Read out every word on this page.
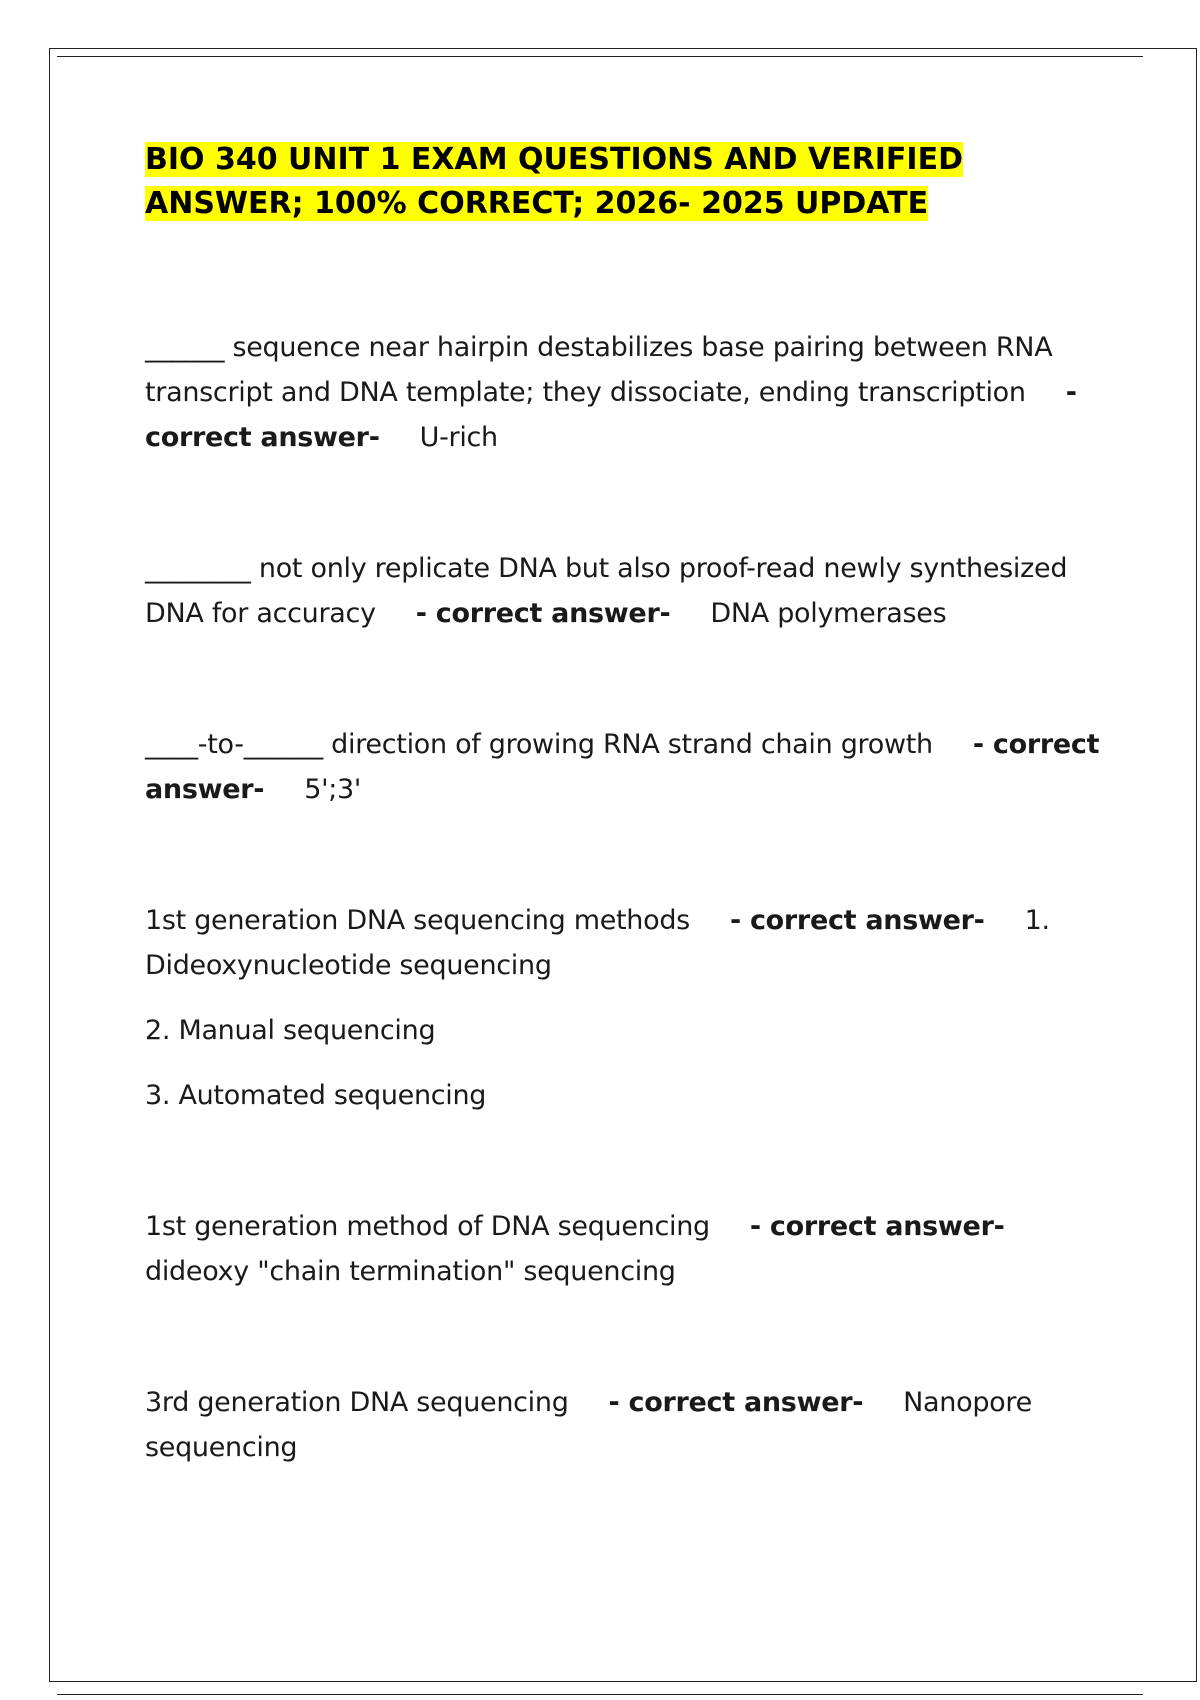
BIO 340 UNIT 1 EXAM QUESTIONS AND VERIFIED ANSWER; 100% CORRECT; 2026- 2025 UPDATE

______ sequence near hairpin destabilizes base pairing between RNA transcript and DNA template; they dissociate, ending transcription - correct answer- U-rich

________ not only replicate DNA but also proof-read newly synthesized DNA for accuracy - correct answer- DNA polymerases

____-to-______ direction of growing RNA strand chain growth - correct answer- 5';3'

1st generation DNA sequencing methods - correct answer- 1. Dideoxynucleotide sequencing

2. Manual sequencing

3. Automated sequencing

1st generation method of DNA sequencing - correct answer-dideoxy "chain termination" sequencing

3rd generation DNA sequencing - correct answer- Nanopore sequencing
